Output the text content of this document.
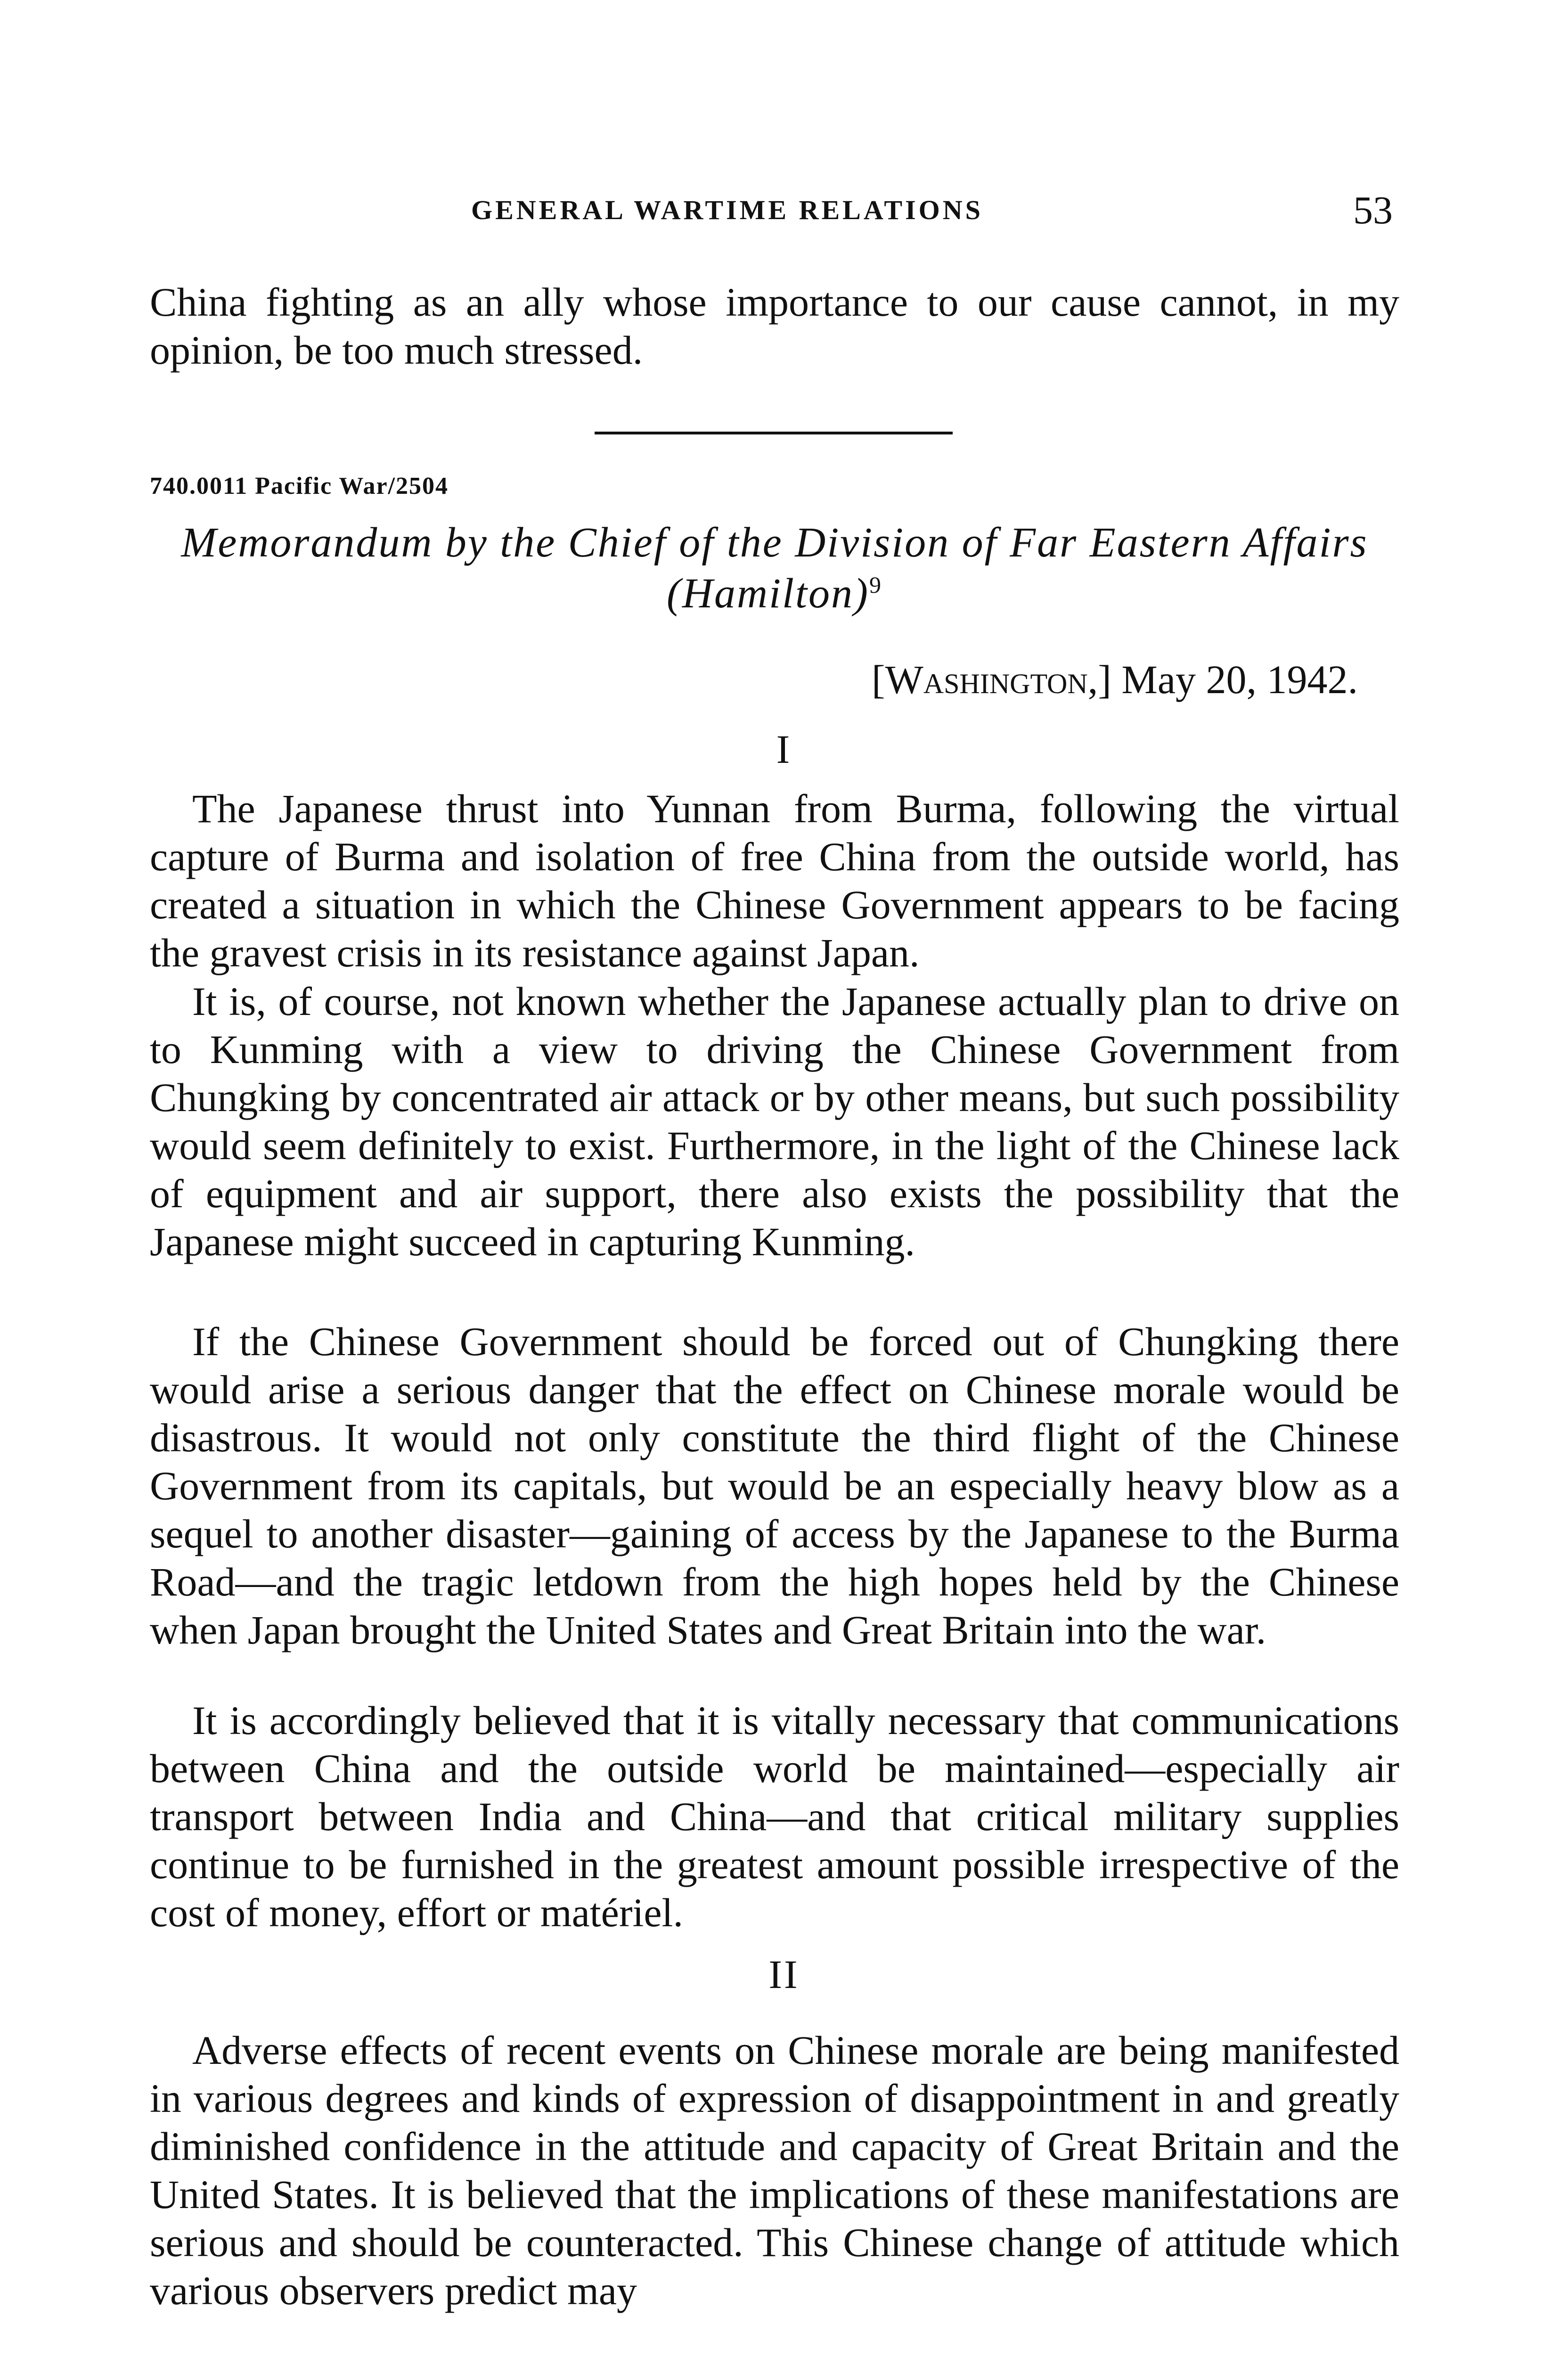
GENERAL WARTIME RELATIONS	53

China fighting as an ally whose importance to our cause cannot, in my opinion, be too much stressed.

740.0011 Pacific War/2504

Memorandum by the Chief of the Division of Far Eastern Affairs
(Hamilton)$^9$

[Washington,] May 20, 1942.
I

The Japanese thrust into Yunnan from Burma, following the virtual capture of Burma and isolation of free China from the outside world, has created a situation in which the Chinese Government appears to be facing the gravest crisis in its resistance against Japan.

It is, of course, not known whether the Japanese actually plan to drive on to Kunming with a view to driving the Chinese Government from Chungking by concentrated air attack or by other means, but such possibility would seem definitely to exist. Furthermore, in the light of the Chinese lack of equipment and air support, there also exists the possibility that the Japanese might succeed in capturing Kunming.

If the Chinese Government should be forced out of Chungking there would arise a serious danger that the effect on Chinese morale would be disastrous. It would not only constitute the third flight of the Chinese Government from its capitals, but would be an especially heavy blow as a sequel to another disaster—gaining of access by the Japanese to the Burma Road—and the tragic letdown from the high hopes held by the Chinese when Japan brought the United States and Great Britain into the war.

It is accordingly believed that it is vitally necessary that communications between China and the outside world be maintained—especially air transport between India and China—and that critical military supplies continue to be furnished in the greatest amount possible irrespective of the cost of money, effort or matériel.

II

Adverse effects of recent events on Chinese morale are being manifested in various degrees and kinds of expression of disappointment in and greatly diminished confidence in the attitude and capacity of Great Britain and the United States. It is believed that the implications of these manifestations are serious and should be counteracted. This Chinese change of attitude which various observers predict may
